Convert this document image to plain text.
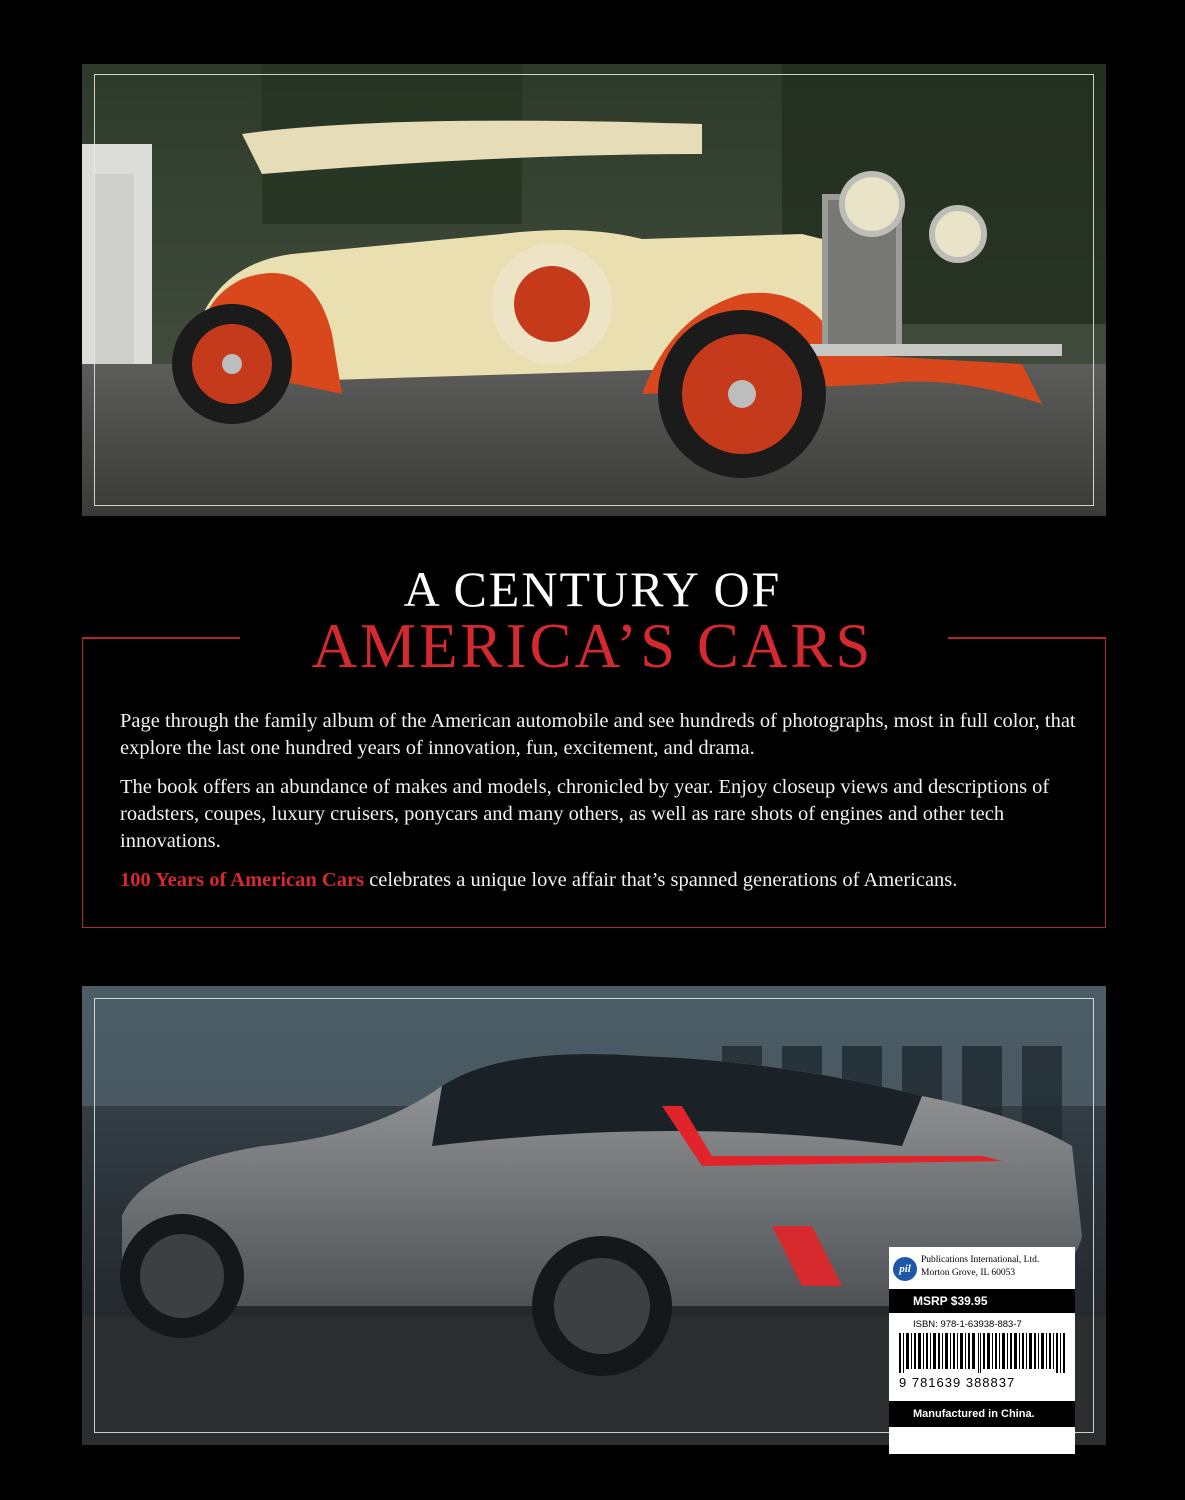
A CENTURY OF
AMERICA’S CARS

Page through the family album of the American automobile and see hundreds of photographs, most in full color, that explore the last one hundred years of innovation, fun, excitement, and drama.

The book offers an abundance of makes and models, chronicled by year. Enjoy closeup views and descriptions of roadsters, coupes, luxury cruisers, ponycars and many others, as well as rare shots of engines and other tech innovations.

100 Years of American Cars celebrates a unique love affair that’s spanned generations of Americans.

pil
Publications International, Ltd.
Morton Grove, IL 60053
MSRP $39.95
ISBN: 978-1-63938-883-7
9 781639 388837
Manufactured in China.
